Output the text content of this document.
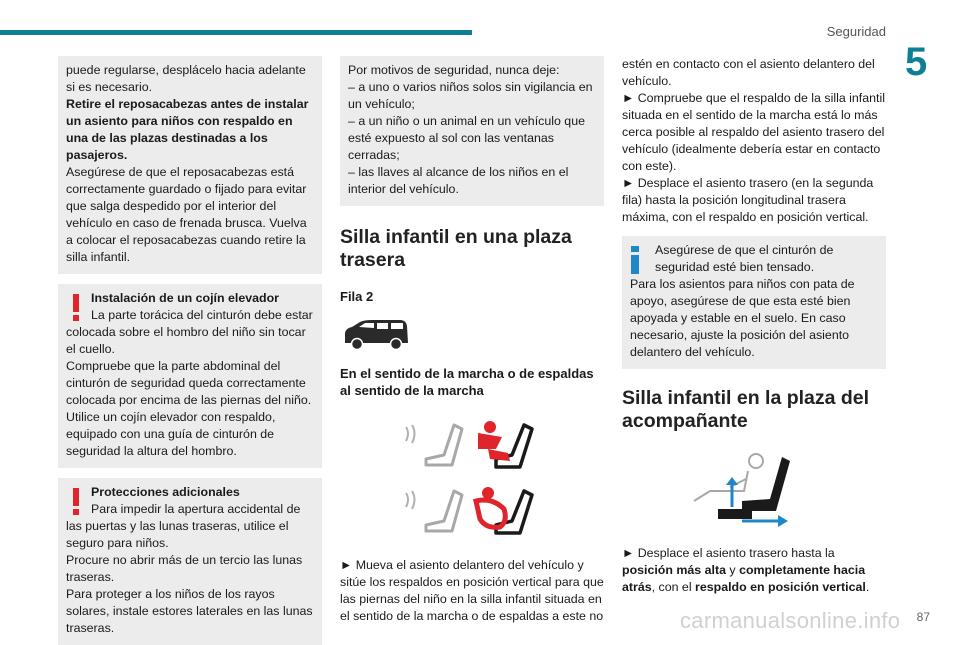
Seguridad
5

puede regularse, desplácelo hacia adelante si es necesario.

Retire el reposacabezas antes de instalar un asiento para niños con respaldo en una de las plazas destinadas a los pasajeros.

Asegúrese de que el reposacabezas está correctamente guardado o fijado para evitar que salga despedido por el interior del vehículo en caso de frenada brusca. Vuelva a colocar el reposacabezas cuando retire la silla infantil.

Instalación de un cojín elevador

La parte torácica del cinturón debe estar

colocada sobre el hombro del niño sin tocar el cuello.

Compruebe que la parte abdominal del cinturón de seguridad queda correctamente colocada por encima de las piernas del niño.

Utilice un cojín elevador con respaldo, equipado con una guía de cinturón de seguridad la altura del hombro.

Protecciones adicionales

Para impedir la apertura accidental de

las puertas y las lunas traseras, utilice el seguro para niños.

Procure no abrir más de un tercio las lunas traseras.

Para proteger a los niños de los rayos solares, instale estores laterales en las lunas traseras.

Por motivos de seguridad, nunca deje:

– a uno o varios niños solos sin vigilancia en un vehículo;

– a un niño o un animal en un vehículo que esté expuesto al sol con las ventanas cerradas;

– las llaves al alcance de los niños en el interior del vehículo.

Silla infantil en una plaza trasera

Fila 2

En el sentido de la marcha o de espaldas al sentido de la marcha

► Mueva el asiento delantero del vehículo y sitúe los respaldos en posición vertical para que las piernas del niño en la silla infantil situada en el sentido de la marcha o de espaldas a este no

estén en contacto con el asiento delantero del vehículo.

► Compruebe que el respaldo de la silla infantil situada en el sentido de la marcha está lo más cerca posible al respaldo del asiento trasero del vehículo (idealmente debería estar en contacto con este).

► Desplace el asiento trasero (en la segunda fila) hasta la posición longitudinal trasera máxima, con el respaldo en posición vertical.

Asegúrese de que el cinturón de

seguridad esté bien tensado.

Para los asientos para niños con pata de apoyo, asegúrese de que esta esté bien apoyada y estable en el suelo. En caso necesario, ajuste la posición del asiento delantero del vehículo.

Silla infantil en la plaza del acompañante

► Desplace el asiento trasero hasta la posición más alta y completamente hacia atrás, con el respaldo en posición vertical.

carmanualsonline.info 87
